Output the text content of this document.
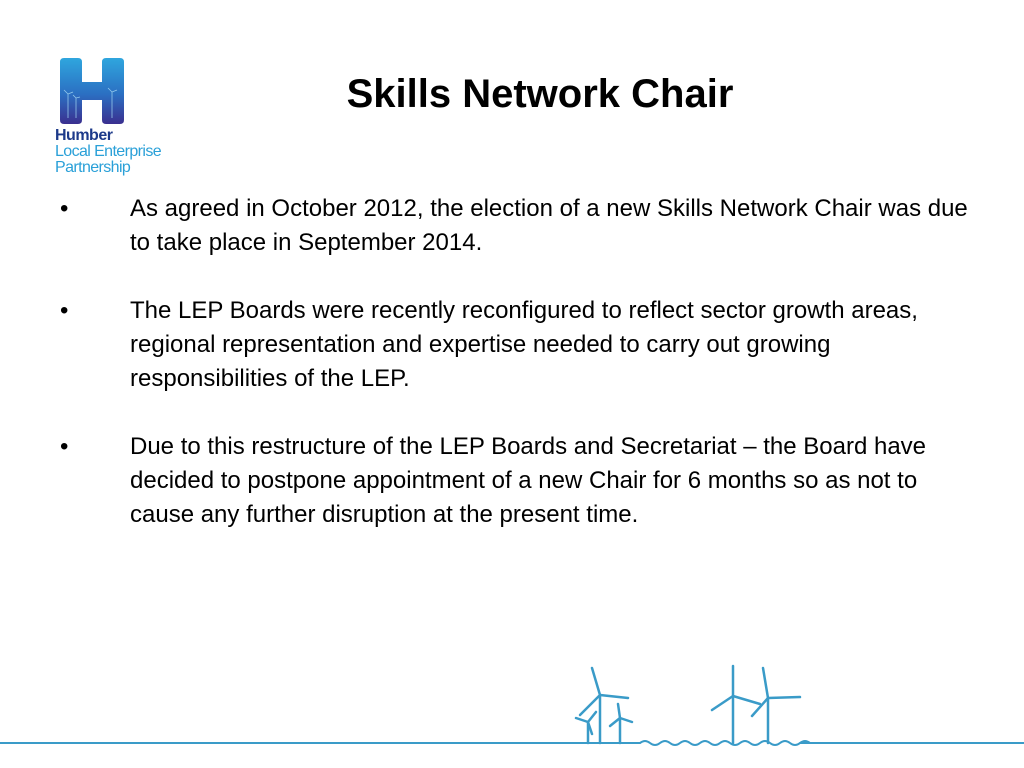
Humber
Local Enterprise
Partnership
Skills Network Chair
•	As agreed in October 2012, the election of a new Skills Network Chair was due to take place in September 2014.
•	The LEP Boards were recently reconfigured to reflect sector growth areas, regional representation and expertise needed to carry out growing responsibilities of the LEP.
•	Due to this restructure of the LEP Boards and Secretariat – the Board have decided to postpone appointment of a new Chair for 6 months so as not to cause any further disruption at the present time.
